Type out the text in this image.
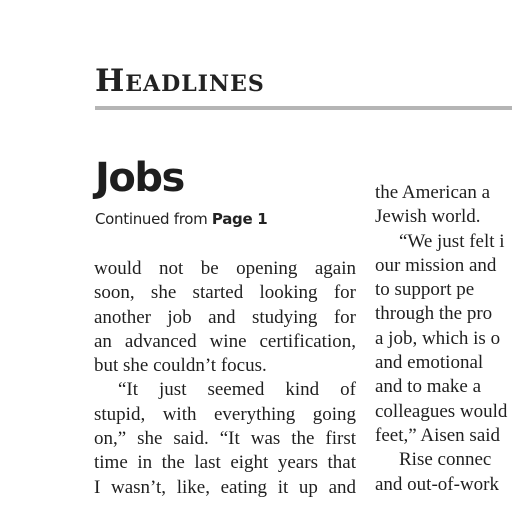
Headlines
Jobs
Continued from Page 1
would not be opening again
soon, she started looking for
another job and studying for
an advanced wine certification,
but she couldn’t focus.
“It just seemed kind of
stupid, with everything going
on,” she said. “It was the first
time in the last eight years that
I wasn’t, like, eating it up and
the American a
Jewish world.
“We just felt i
our mission and
to support pe
through the pro
a job, which is o
and emotional
and to make a
colleagues would
feet,” Aisen said
Rise connec
and out-of-work
